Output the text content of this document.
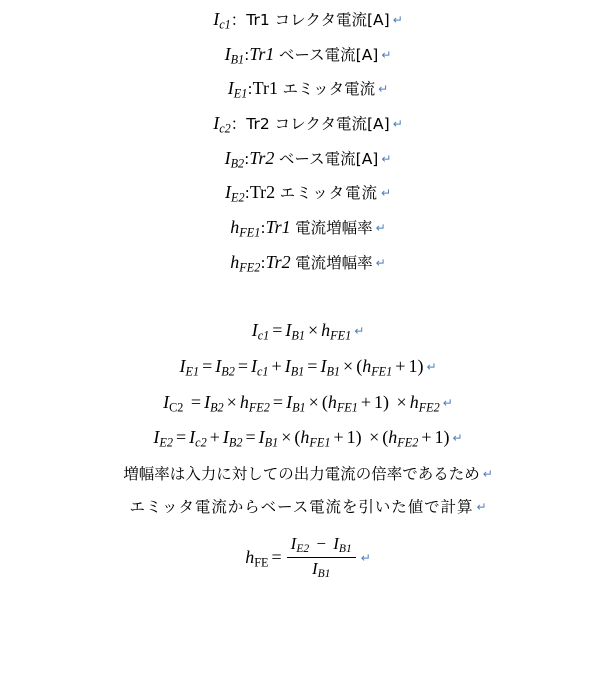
$I_{c1}$：Tr1 コレクタ電流[A] ↵
$I_{B1}:Tr1$ ベース電流[A] ↵
$I_{E1}:Tr1$ エミッタ電流 ↵
$I_{c2}$：Tr2 コレクタ電流[A] ↵
$I_{B2}:Tr2$ ベース電流[A] ↵
$I_{E2}:Tr2$ エミッタ電流 ↵
$h_{FE1}:Tr1$ 電流増幅率 ↵
$h_{FE2}:Tr2$ 電流増幅率 ↵
$I_{c1} = I_{B1} \times h_{FE1}$ ↵
$I_{E1} = I_{B2} = I_{c1} + I_{B1} = I_{B1} \times (h_{FE1} + 1)$ ↵
$IC2 = I_{B2} \times h_{FE2} = I_{B1} \times (h_{FE1} + 1) \times h_{FE2}$ ↵
$I_{E2} = I_{c2} + I_{B2} = I_{B1} \times (h_{FE1} + 1) \times (h_{FE2} + 1)$ ↵
増幅率は入力に対しての出力電流の倍率であるため ↵
エミッタ電流からベース電流を引いた値で計算 ↵
hFE = $\frac{I_{E2} - I_{B1}}{I_{B1}}$ ↵
